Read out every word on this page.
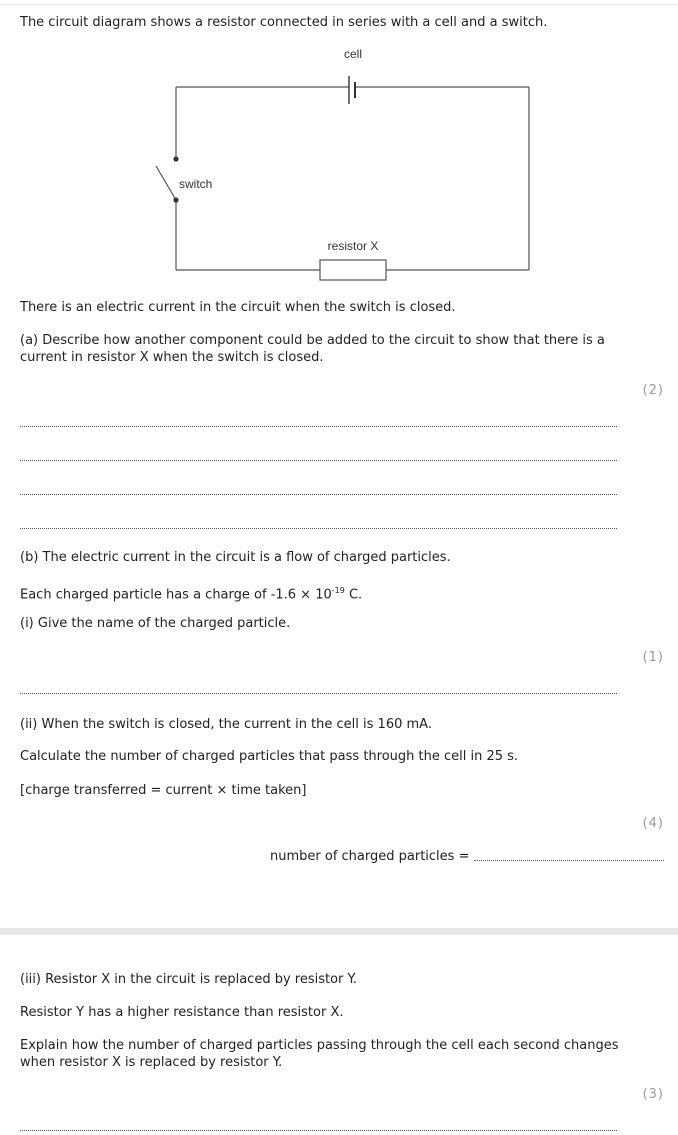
The circuit diagram shows a resistor connected in series with a cell and a switch.
cell
switch
resistor X
There is an electric current in the circuit when the switch is closed.
(a) Describe how another component could be added to the circuit to show that there is a current in resistor X when the switch is closed.
(2)
(b) The electric current in the circuit is a flow of charged particles.
Each charged particle has a charge of $-1.6 \times 10^{-19}$ C.
(i) Give the name of the charged particle.
(1)
(ii) When the switch is closed, the current in the cell is 160 mA.
Calculate the number of charged particles that pass through the cell in 25 s.
[charge transferred = current × time taken]
(4)
number of charged particles =
(iii) Resistor X in the circuit is replaced by resistor Y.
Resistor Y has a higher resistance than resistor X.
Explain how the number of charged particles passing through the cell each second changes when resistor X is replaced by resistor Y.
(3)
